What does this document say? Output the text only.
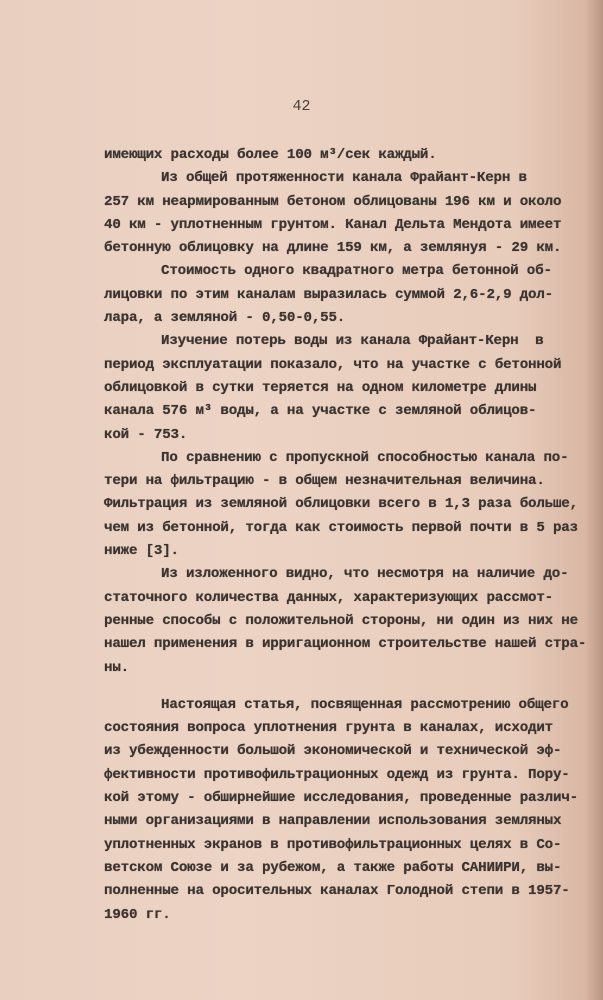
42
имеющих расходы более 100 м³/сек каждый.
Из общей протяженности канала Фрайант-Керн в
257 км неармированным бетоном облицованы 196 км и около
40 км - уплотненным грунтом. Канал Дельта Мендота имеет
бетонную облицовку на длине 159 км, а землянуя - 29 км.
Стоимость одного квадратного метра бетонной об-
лицовки по этим каналам выразилась суммой 2,6-2,9 дол-
лара, а земляной - 0,50-0,55.
Изучение потерь воды из канала Фрайант-Керн  в
период эксплуатации показало, что на участке с бетонной
облицовкой в сутки теряется на одном километре длины
канала 576 м³ воды, а на участке с земляной облицов-
кой - 753.
По сравнению с пропускной способностью канала по-
тери на фильтрацию - в общем незначительная величина.
Фильтрация из земляной облицовки всего в 1,3 раза больше,
чем из бетонной, тогда как стоимость первой почти в 5 раз
ниже [3].
Из изложенного видно, что несмотря на наличие до-
статочного количества данных, характеризующих рассмот-
ренные способы с положительной стороны, ни один из них не
нашел применения в ирригационном строительстве нашей стра-
ны.
Настоящая статья, посвященная рассмотрению общего
состояния вопроса уплотнения грунта в каналах, исходит
из убежденности большой экономической и технической эф-
фективности противофильтрационных одежд из грунта. Пору-
кой этому - обширнейшие исследования, проведенные различ-
ными организациями в направлении использования земляных
уплотненных экранов в противофильтрационных целях в Со-
ветском Союзе и за рубежом, а также работы САНИИРИ, вы-
полненные на оросительных каналах Голодной степи в 1957-
1960 гг.
